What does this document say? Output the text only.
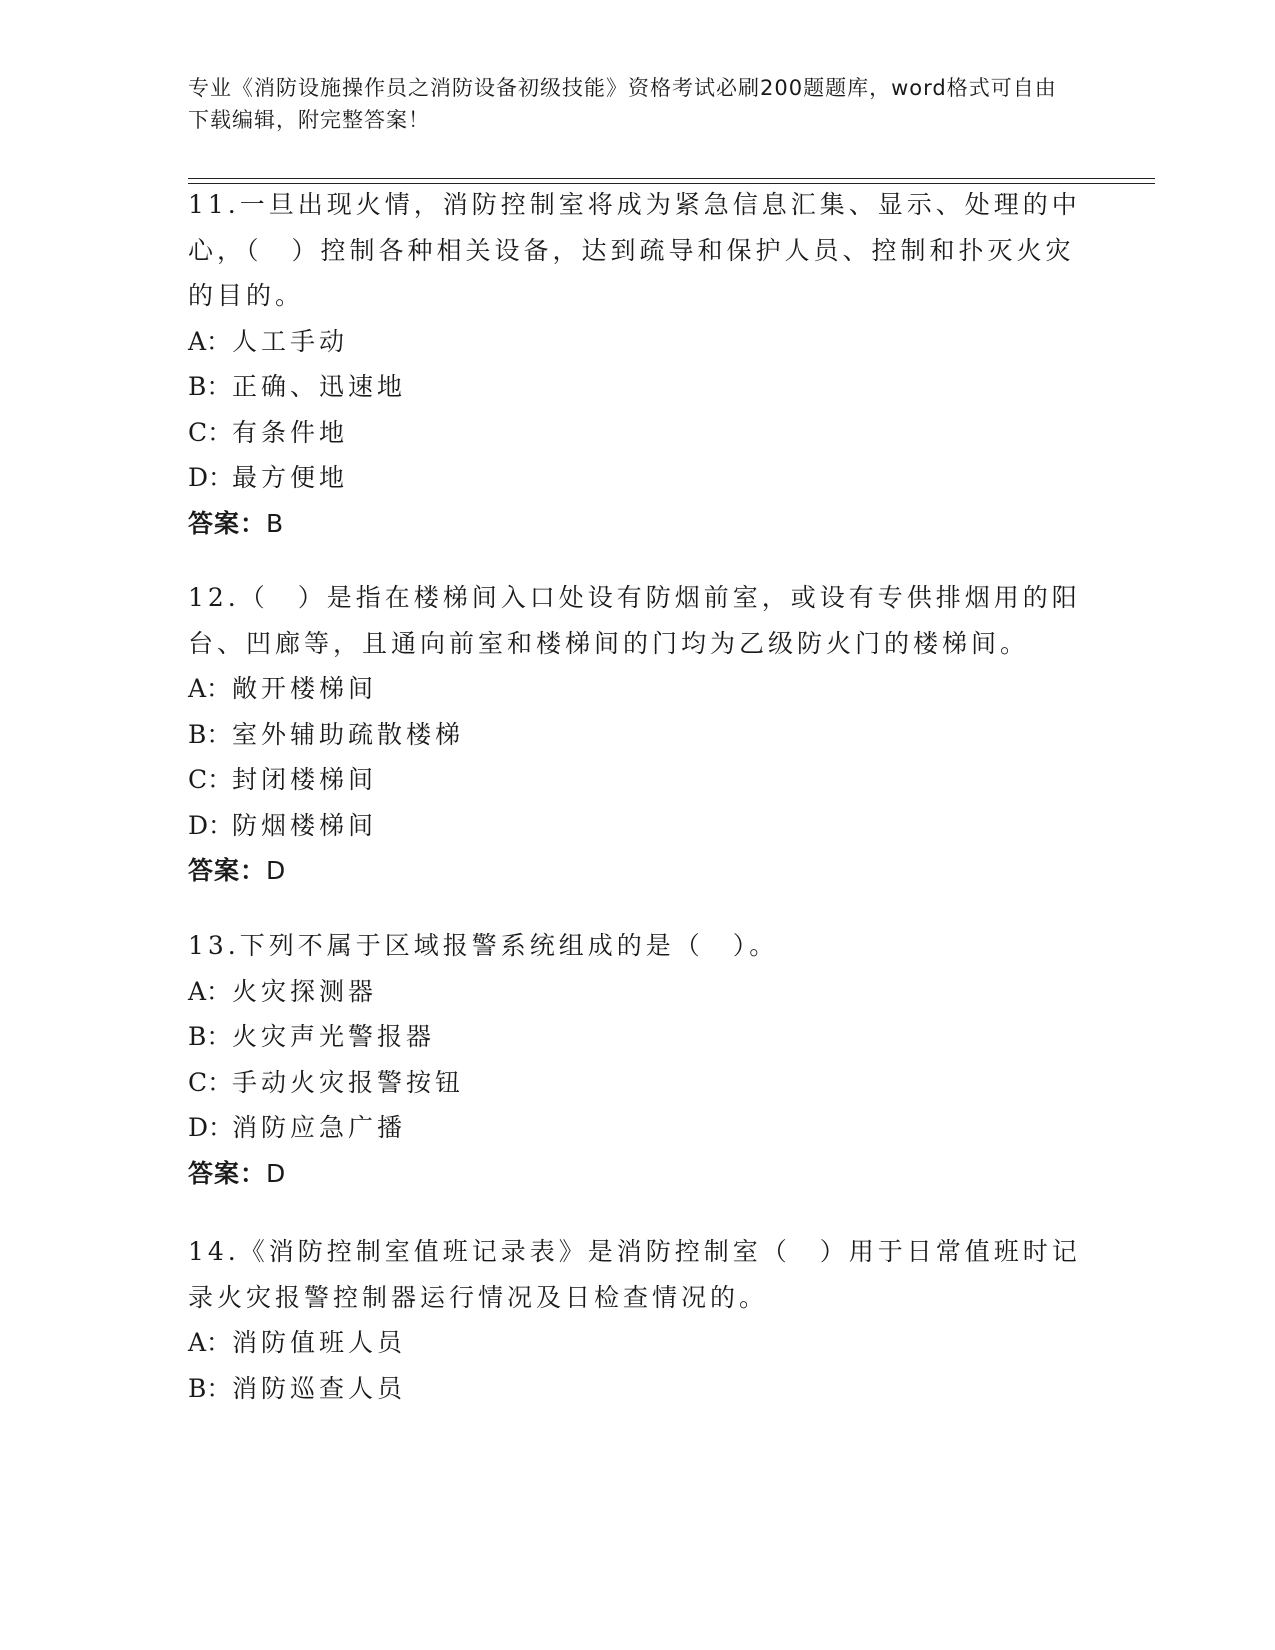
专业《消防设施操作员之消防设备初级技能》资格考试必刷200题题库，word格式可自由下载编辑，附完整答案！
11.一旦出现火情，消防控制室将成为紧急信息汇集、显示、处理的中心，（　）控制各种相关设备，达到疏导和保护人员、控制和扑灭火灾的目的。
A：人工手动
B：正确、迅速地
C：有条件地
D：最方便地
答案：B
12.（　）是指在楼梯间入口处设有防烟前室，或设有专供排烟用的阳台、凹廊等，且通向前室和楼梯间的门均为乙级防火门的楼梯间。
A：敞开楼梯间
B：室外辅助疏散楼梯
C：封闭楼梯间
D：防烟楼梯间
答案：D
13.下列不属于区域报警系统组成的是（　）。
A：火灾探测器
B：火灾声光警报器
C：手动火灾报警按钮
D：消防应急广播
答案：D
14.《消防控制室值班记录表》是消防控制室（　）用于日常值班时记录火灾报警控制器运行情况及日检查情况的。
A：消防值班人员
B：消防巡查人员
